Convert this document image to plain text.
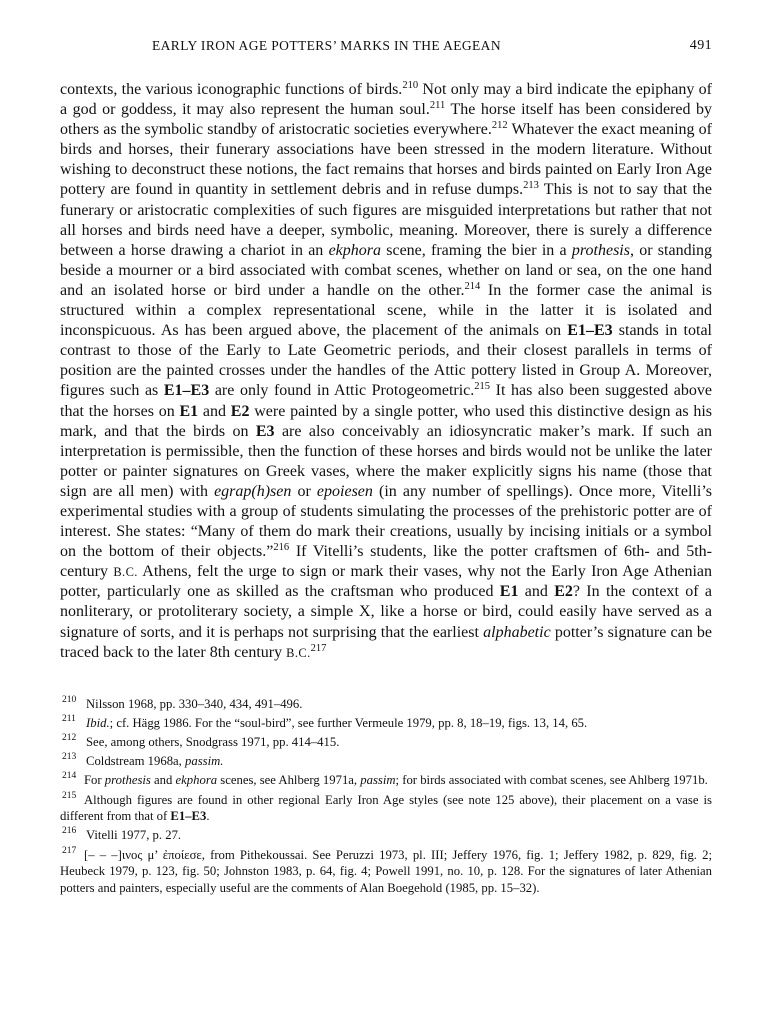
EARLY IRON AGE POTTERS’ MARKS IN THE AEGEAN	491
contexts, the various iconographic functions of birds.$^{210}$ Not only may a bird indicate the epiphany of a god or goddess, it may also represent the human soul.$^{211}$ The horse itself has been considered by others as the symbolic standby of aristocratic societies everywhere.$^{212}$ Whatever the exact meaning of birds and horses, their funerary associations have been stressed in the modern literature. Without wishing to deconstruct these notions, the fact remains that horses and birds painted on Early Iron Age pottery are found in quantity in settlement debris and in refuse dumps.$^{213}$ This is not to say that the funerary or aristocratic complexities of such figures are misguided interpretations but rather that not all horses and birds need have a deeper, symbolic, meaning. Moreover, there is surely a difference between a horse drawing a chariot in an ekphora scene, framing the bier in a prothesis, or standing beside a mourner or a bird associated with combat scenes, whether on land or sea, on the one hand and an isolated horse or bird under a handle on the other.$^{214}$ In the former case the animal is structured within a complex representational scene, while in the latter it is isolated and inconspicuous. As has been argued above, the placement of the animals on E1–E3 stands in total contrast to those of the Early to Late Geometric periods, and their closest parallels in terms of position are the painted crosses under the handles of the Attic pottery listed in Group A. Moreover, figures such as E1–E3 are only found in Attic Protogeometric.$^{215}$ It has also been suggested above that the horses on E1 and E2 were painted by a single potter, who used this distinctive design as his mark, and that the birds on E3 are also conceivably an idiosyncratic maker’s mark. If such an interpretation is permissible, then the function of these horses and birds would not be unlike the later potter or painter signatures on Greek vases, where the maker explicitly signs his name (those that sign are all men) with egrap(h)sen or epoiesen (in any number of spellings). Once more, Vitelli’s experimental studies with a group of students simulating the processes of the prehistoric potter are of interest. She states: “Many of them do mark their creations, usually by incising initials or a symbol on the bottom of their objects.”$^{216}$ If Vitelli’s students, like the potter craftsmen of 6th- and 5th-century B.C. Athens, felt the urge to sign or mark their vases, why not the Early Iron Age Athenian potter, particularly one as skilled as the craftsman who produced E1 and E2? In the context of a nonliterary, or protoliterary society, a simple X, like a horse or bird, could easily have served as a signature of sorts, and it is perhaps not surprising that the earliest alphabetic potter’s signature can be traced back to the later 8th century B.C.$^{217}$
210 Nilsson 1968, pp. 330–340, 434, 491–496.
211 Ibid.; cf. Hägg 1986. For the “soul-bird”, see further Vermeule 1979, pp. 8, 18–19, figs. 13, 14, 65.
212 See, among others, Snodgrass 1971, pp. 414–415.
213 Coldstream 1968a, passim.
214 For prothesis and ekphora scenes, see Ahlberg 1971a, passim; for birds associated with combat scenes, see Ahlberg 1971b.
215 Although figures are found in other regional Early Iron Age styles (see note 125 above), their placement on a vase is different from that of E1–E3.
216 Vitelli 1977, p. 27.
217 [– – –]ινος μ’ ἐποίεσε, from Pithekoussai. See Peruzzi 1973, pl. III; Jeffery 1976, fig. 1; Jeffery 1982, p. 829, fig. 2; Heubeck 1979, p. 123, fig. 50; Johnston 1983, p. 64, fig. 4; Powell 1991, no. 10, p. 128. For the signatures of later Athenian potters and painters, especially useful are the comments of Alan Boegehold (1985, pp. 15–32).
